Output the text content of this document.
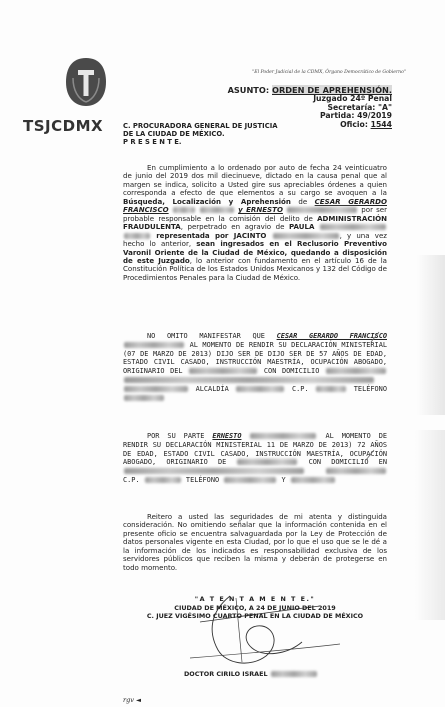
TSJCDMX
"El Poder Judicial de la CDMX, Órgano Democrático de Gobierno"
ASUNTO: ORDEN DE APREHENSIÓN.
Juzgado 24º Penal
Secretaría: "A"
Partida: 49/2019
Oficio: 1544
C. PROCURADORA GENERAL DE JUSTICIA
DE LA CIUDAD DE MÉXICO.
P R E S E N T E.
En cumplimiento a lo ordenado por auto de fecha 24 veinticuatro de junio del 2019 dos mil diecinueve, dictado en la causa penal que al margen se indica, solicito a Usted gire sus apreciables órdenes a quien corresponda a efecto de que elementos a su cargo se avoquen a la Búsqueda, Localización y Aprehensión de CESAR GERARDO FRANCISCO	y ERNESTO	por ser probable responsable en la comisión del delito de ADMINISTRACIÓN FRAUDULENTA, perpetrado en agravio de PAULA   representada por JACINTO	, y una vez hecho lo anterior, sean ingresados en el Reclusorio Preventivo Varonil Oriente de la Ciudad de México, quedando a disposición de este Juzgado, lo anterior con fundamento en el artículo 16 de la Constitución Política de los Estados Unidos Mexicanos y 132 del Código de Procedimientos Penales para la Ciudad de México.
NO OMITO MANIFESTAR QUE CESAR GERARDO FRANCISCO  AL MOMENTO DE RENDIR SU DECLARACIÓN MINISTERIAL (07 DE MARZO DE 2013) DIJO SER DE DIJO SER DE 57 AÑOS DE EDAD, ESTADO CIVIL CASADO, INSTRUCCIÓN MAESTRÍA, OCUPACIÓN ABOGADO, ORIGINARIO DEL	CON DOMICILIO    ALCALDÍA	C.P.	TELÉFONO
POR SU PARTE ERNESTO	AL MOMENTO DE RENDIR SU DECLARACIÓN MINISTERIAL 11 DE MARZO DE 2013) 72 AÑOS DE EDAD, ESTADO CIVIL CASADO, INSTRUCCIÓN MAESTRÍA, OCUPACIÓN ABOGADO, ORIGINARIO DE	CON DOMICILIO EN   C.P.	TELÉFONO	Y
Reitero a usted las seguridades de mi atenta y distinguida consideración. No omitiendo señalar que la información contenida en el presente oficio se encuentra salvaguardada por la Ley de Protección de datos personales vigente en esta Ciudad, por lo que el uso que se le dé a la información de los indicados es responsabilidad exclusiva de los servidores públicos que reciben la misma y deberán de protegerse en todo momento.
"A T E N T A M E N T E."
CIUDAD DE MÉXICO, A 24 DE JUNIO DEL 2019
C. JUEZ VIGÉSIMO CUARTO PENAL EN LA CIUDAD DE MÉXICO
DOCTOR CIRILO ISRAEL
rgv ◄
